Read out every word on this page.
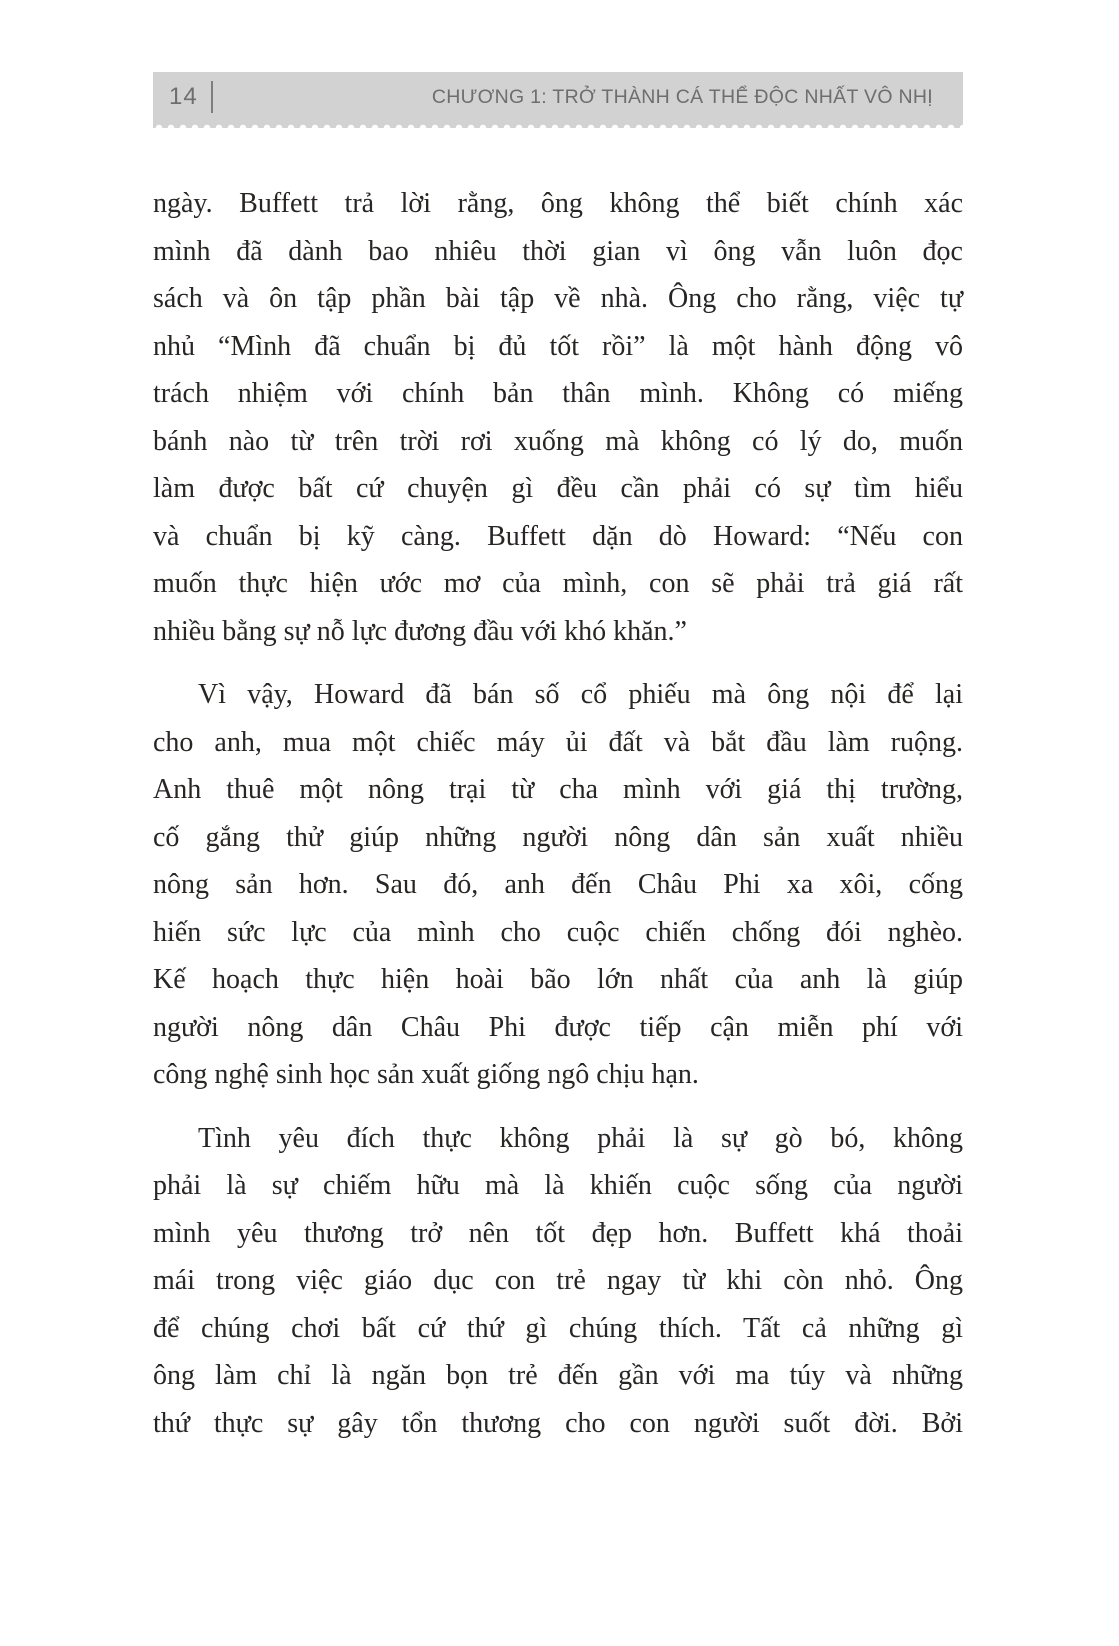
14	CHƯƠNG 1: TRỞ THÀNH CÁ THỂ ĐỘC NHẤT VÔ NHỊ
ngày. Buffett trả lời rằng, ông không thể biết chính xác
mình đã dành bao nhiêu thời gian vì ông vẫn luôn đọc
sách và ôn tập phần bài tập về nhà. Ông cho rằng, việc tự
nhủ “Mình đã chuẩn bị đủ tốt rồi” là một hành động vô
trách nhiệm với chính bản thân mình. Không có miếng
bánh nào từ trên trời rơi xuống mà không có lý do, muốn
làm được bất cứ chuyện gì đều cần phải có sự tìm hiểu
và chuẩn bị kỹ càng. Buffett dặn dò Howard: “Nếu con
muốn thực hiện ước mơ của mình, con sẽ phải trả giá rất
nhiều bằng sự nỗ lực đương đầu với khó khăn.”
Vì vậy, Howard đã bán số cổ phiếu mà ông nội để lại
cho anh, mua một chiếc máy ủi đất và bắt đầu làm ruộng.
Anh thuê một nông trại từ cha mình với giá thị trường,
cố gắng thử giúp những người nông dân sản xuất nhiều
nông sản hơn. Sau đó, anh đến Châu Phi xa xôi, cống
hiến sức lực của mình cho cuộc chiến chống đói nghèo.
Kế hoạch thực hiện hoài bão lớn nhất của anh là giúp
người nông dân Châu Phi được tiếp cận miễn phí với
công nghệ sinh học sản xuất giống ngô chịu hạn.
Tình yêu đích thực không phải là sự gò bó, không
phải là sự chiếm hữu mà là khiến cuộc sống của người
mình yêu thương trở nên tốt đẹp hơn. Buffett khá thoải
mái trong việc giáo dục con trẻ ngay từ khi còn nhỏ. Ông
để chúng chơi bất cứ thứ gì chúng thích. Tất cả những gì
ông làm chỉ là ngăn bọn trẻ đến gần với ma túy và những
thứ thực sự gây tổn thương cho con người suốt đời. Bởi
